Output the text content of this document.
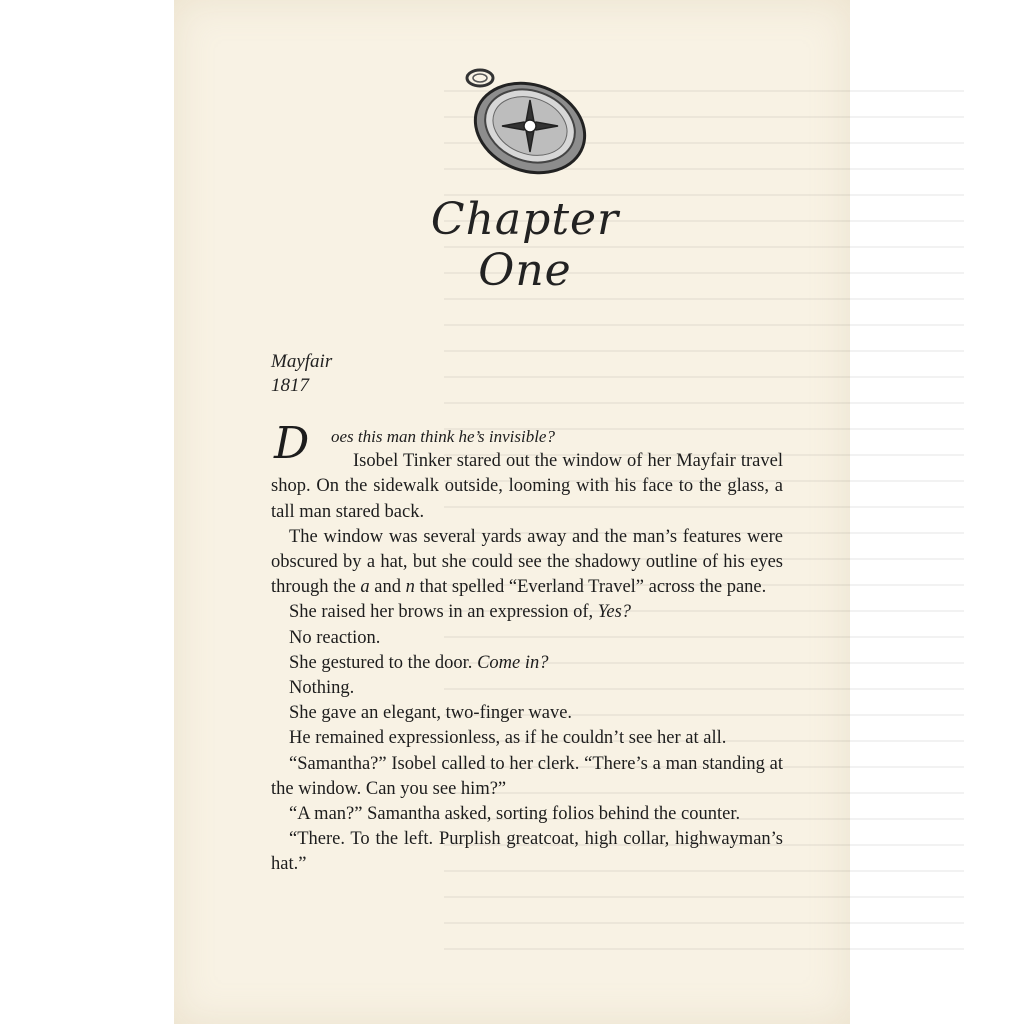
Chapter One
Mayfair
1817
D	oes this man think he’s invisible?

Isobel Tinker stared out the window of her Mayfair travel shop. On the sidewalk outside, looming with his face to the glass, a tall man stared back.

The window was several yards away and the man’s features were obscured by a hat, but she could see the shadowy outline of his eyes through the a and n that spelled “Everland Travel” across the pane.

She raised her brows in an expression of, Yes?

No reaction.

She gestured to the door. Come in?

Nothing.

She gave an elegant, two-finger wave.

He remained expressionless, as if he couldn’t see her at all.

“Samantha?” Isobel called to her clerk. “There’s a man standing at the window. Can you see him?”

“A man?” Samantha asked, sorting folios behind the counter.

“There. To the left. Purplish greatcoat, high collar, highwayman’s hat.”
